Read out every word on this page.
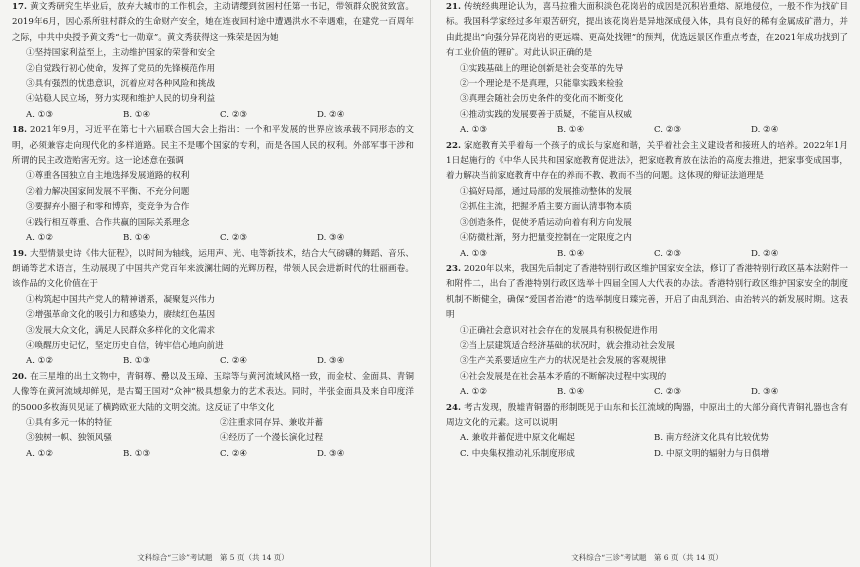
17. 黄文秀研究生毕业后，放弃大城市的工作机会，主动请缨到贫困村任第一书记，带领群众脱贫致富。2019年6月，因心系所驻村群众的生命财产安全，她在连夜回村途中遭遇洪水不幸遇难，在建党一百周年之际，中共中央授予黄文秀“七一勋章”。黄文秀获得这一殊荣是因为她
①坚持国家利益至上，主动维护国家的荣誉和安全
②自觉践行初心使命，发挥了党员的先锋模范作用
③具有强烈的忧患意识，沉着应对各种风险和挑战
④站稳人民立场，努力实现和维护人民的切身利益
A. ①③	B. ①④	C. ②③	D. ②④
18. 2021年9月，习近平在第七十六届联合国大会上指出：一个和平发展的世界应该承载不同形态的文明，必须兼容走向现代化的多样道路。民主不是哪个国家的专利，而是各国人民的权利。外部军事干涉和所谓的民主改造贻害无穷。这一论述意在强调
①尊重各国独立自主地选择发展道路的权利
②着力解决国家间发展不平衡、不充分问题
③要摒弃小圈子和零和博弈，变竞争为合作
④践行相互尊重、合作共赢的国际关系理念
A. ①②	B. ①④	C. ②③	D. ③④
19. 大型情景史诗《伟大征程》，以时间为轴线，运用声、光、电等新技术，结合大气磅礴的舞蹈、音乐、朗诵等艺术语言，生动展现了中国共产党百年来波澜壮阔的光辉历程，带领人民会进新时代的壮丽画卷。该作品的文化价值在于
①构筑起中国共产党人的精神谱系，凝聚复兴伟力
②增强革命文化的吸引力和感染力，赓续红色基因
③发展大众文化，满足人民群众多样化的文化需求
④唤醒历史记忆，坚定历史自信，铸牢信心地向前进
A. ①②	B. ①③	C. ②④	D. ③④
20. 在三星堆的出土文物中，青铜尊、罍以及玉璋、玉琮等与黄河流域风格一致，而金杖、金面具、青铜人像等在黄河流域却鲜见，是古蜀王国对“众神”极具想象力的艺术表达。同时，半张金面具及来自印度洋的5000多枚海贝见证了横跨欧亚大陆的文明交流。这反证了中华文化
①具有多元一体的特征	②注重求同存异、兼收并蓄
③独树一帜、独领风骚	④经历了一个漫长演化过程
A. ①②	B. ①③	C. ②④	D. ③④
文科综合“三诊”考试题　第 5 页（共 14 页）
21. 传统经典理论认为，喜马拉雅大面积淡色花岗岩的成因是沉积岩重熔、原地侵位，一般不作为找矿目标。我国科学家经过多年艰苦研究，提出该花岗岩是异地深成侵入体，具有良好的稀有金属成矿潜力，并由此提出“向强分异花岗岩的更远端、更高处找锂”的预判，优选远景区作重点考查，在2021年成功找到了有工业价值的锂矿。对此认识正确的是
①实践基础上的理论创新是社会变革的先导
②一个理论是不是真理，只能靠实践来检验
③真理会随社会历史条件的变化而不断变化
④推动实践的发展要善于质疑，不能盲从权威
A. ①③	B. ①④	C. ②③	D. ②④
22. 家庭教育关乎着每一个孩子的成长与家庭和谐，关乎着社会主义建设者和接班人的培养。2022年1月1日起施行的《中华人民共和国家庭教育促进法》，把家庭教育放在法治的高度去推进，把家事变成国事，着力解决当前家庭教育中存在的养而不教、教而不当的问题。这体现的辩证法道理是
①搞好局部，通过局部的发展推动整体的发展
②抓住主流，把握矛盾主要方面认清事物本质
③创造条件，促使矛盾运动向着有利方向发展
④防微杜渐，努力把量变控制在一定限度之内
A. ①③	B. ①④	C. ②③	D. ②④
23. 2020年以来，我国先后制定了香港特别行政区维护国家安全法，修订了香港特别行政区基本法附件一和附件二，出台了香港特别行政区选举十四届全国人大代表的办法。香港特别行政区维护国家安全的制度机制不断健全，确保“爱国者治港”的选举制度日臻完善，开启了由乱到治、由治转兴的新发展时期。这表明
①正确社会意识对社会存在的发展具有积极促进作用
②当上层建筑适合经济基础的状况时，就会推动社会发展
③生产关系要适应生产力的状况是社会发展的客观规律
④社会发展是在社会基本矛盾的不断解决过程中实现的
A. ①②	B. ①④	C. ②③	D. ③④
24. 考古发现，殷墟青铜器的形制既见于山东和长江流域的陶器，中原出土的大部分商代青铜礼器也含有周边文化的元素。这可以说明
A. 兼收并蓄促进中原文化崛起	B. 南方经济文化具有比较优势
C. 中央集权推动礼乐制度形成	D. 中原文明的辐射力与日俱增
文科综合“三诊”考试题　第 6 页（共 14 页）
